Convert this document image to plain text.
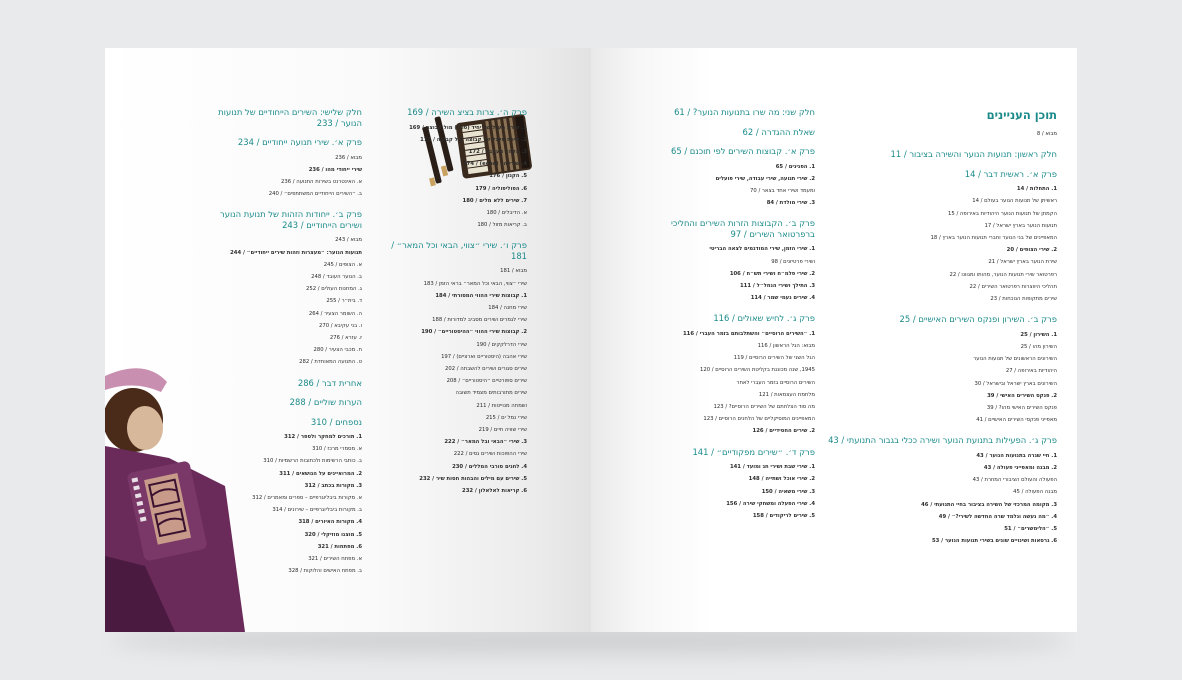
פרק ה׳. צרות בציצ השירה / 169
1. שירת מעגל של יחיד (סולו) מול קבוצה / 169
2. שירת מעגל של קבוצה מול קבוצה / 172
3. הקהל העקבע / 172
4. שירי הד (echo) / 174
5. הקנון / 176
6. הפוליפוליה / 179
7. שירים ללא מלים / 180
א. הדיבלים / 180
ב. קריאות מזול / 180
פרק ו׳. שירי ״צווי, הבאי וכל המאר״ / 181
מבוא / 181
שירי ״צווי, הבאי וכל המאר״ בראי הזמן / 183
1. קבוצות שירי ההווי המסורתי / 184
שירי מחנה / 184
שירי לגמרים ושירים מסביב למדורות / 188
2. קבוצות שירי ההווי ״ההיסטוריים״ / 190
שירי הדרלקקים / 190
שירי אהבה (היסטוריים וארציים) / 197
שירים סגורים ושירים להשבתה / 202
שירים ספורטיים ״היסטוריים״ / 208
שירים מתורבותים מצמיד תשובה
ושמחה מנוייטות / 211
שירי נמל ים / 215
שירי שוויה חיים / 219
3. שירי ״הבאי ובל המאר״ / 222
שירי ההפוכות ושירים גסים / 222
4. לחנים סורבי המללים / 230
5. שירים עם מילים והבהות חסות שיר / 232
6. קריאות לאלאלון / 232
חלק שלישי: השירים הייחודיים של תנועות הנוער / 233
פרק א׳. שירי תנועה ייחודיים / 234
מבוא / 236
שירי ייחודי מהו / 236
א. האינטרנט בשירות התנועה / 236
ב. ״השירים הייחודיים המשתתפים״ / 240
פרק ב׳. ייחודות הזהות של תנועת הנוער ושירים הייחודיים / 243
מבוא / 243
תנועות הנוער: ״מעצרות וזהות שירים ייחודיים״ / 244
א. הצופים / 245
ב. הנוער העובד / 248
ג. המחנות העולים / 252
ד. בית״ר / 255
ה. השומר הצעיר / 264
ו. בני עקיבא / 270
ז. עזרא / 276
ח. מכבי הצעיר / 280
ט. התנועה המאוחדת / 282
אחרית דבר / 286
הערות שוליים / 288
נספחים / 310
1. תורכים למחקר ולספר / 312
א. מסמרי מרכז / 310
ב. כותבי הרשימות ולכתובות הרשמיות / 310
2. המרואיינים על הנושאים / 311
3. מקורות בכתב / 312
א. מקורות ביבליוגרפיים – ספרים ומאמרים / 312
ב. מקורות ביבליוגרפיים – שירונים / 314
4. מקורות האיורים / 318
5. מוצנו מוזיקלי / 320
6. מפתחות / 321
א. מפתח השירים / 321
ב. מפתח האישים והלוקות / 328
תוכן העניינים
מבוא / 8
חלק ראשון: תנועות הנוער והשירה בציבור / 11
פרק א׳. ראשית דבר / 14
1. התחלות / 14
ראשיתן של תנועות הנוער בעולם / 14
הקמתן של תנועות הנוער היהודיות באירופה / 15
תנועות הנוער בארץ ישראל / 17
המאפיינים של בני הנוער וחברי תנועות הנוער בארץ / 18
2. שירי הצופים / 20
שירת הנוער בארץ ישראל / 21
רפרטואר שירי תנועות הנוער, מהותו ומגוונו / 22
תהליכי היווצרות רפרטואר השירים / 22
שירים מתקופות הנוכחות / 23
פרק ב׳. השירון ופנקס השירים האישיים / 25
1. השירון / 25
השירון מהו / 25
השירונים הראשונים של תנועות הנוער
היהודיות באירופה / 27
השירונים בארץ ישראל ובישראל / 30
2. פנקס השירים האישי / 39
פנקס השירים האישי מהו? / 39
מאפייני פנקסי השירים האישיים / 41
פרק ג׳. הפעילות בתנועת הנוער ושירה ככלי בגבור התנועתי / 43
1. חיי שגרה בתנועות הנוער / 43
2. מבנה ומאפייני פעולה / 43
הפעולה והעולם הציבורי המוזרת / 43
מבנה הפעולה / 45
3. מקומה המרכזי של השירה בציבור בחיי התנועתי / 46
4. ״מה נעשה ונלמד שרה החדשה לשירי?״ / 49
5. ״הלימשרים״ / 51
6. גרסאות ושינויים שונים בשירי תנועות הנוער / 53
חלק שני: מה שרו בתנועות הנוער? / 61
שאלת ההגדרה / 62
פרק א׳. קבוצות השירים לפי תוכנם / 65
1. הפנינים / 65
2. שירי תנועה, שירי עבודה, שירי פועלים
ומעמד ושירי אחד בצאר / 70
3. שירי מולדת / 84
פרק ב׳. הקבוצות הזרות השירים והחליכי ברפרטואר השירים / 97
1. שירי הזמן, שירי המודגמים לצאה הבריטי
ושירי פרטיזנים / 98
2. שירי פלמ״ח ושירי תש״ח / 106
3. התילך ושירי הנחל״ל / 111
4. שירים נעמי שמר / 114
פרק ג׳. לחיש שאולים / 116
1. ״השירים הרוסיים״ והשתלבותם בזמר העברי / 116
מבוא: הגל הראשון / 116
הגל השני של השירים הרוסיים / 119
1945, שנה מכוננת בקליטת השירים הרוסיים / 120
השירים הרוסיים בזמר העברי לאחר
מלחמת העצמאות / 121
מה סוד הצלחתם של השירים הרוסיים? / 123
המאפיינים המוסיקליים של הלחנים הרוסיים / 123
2. שירים החסידיים / 126
פרק ד׳. ״שירים מפקודיים״ / 141
1. שירי שבת ושירי חג ומועד / 141
2. שירי אוכל ושתייה / 148
3. שירי משאיה / 150
4. שירי הפעלה ומשחקי שירה / 156
5. שירים לריקודים / 158
